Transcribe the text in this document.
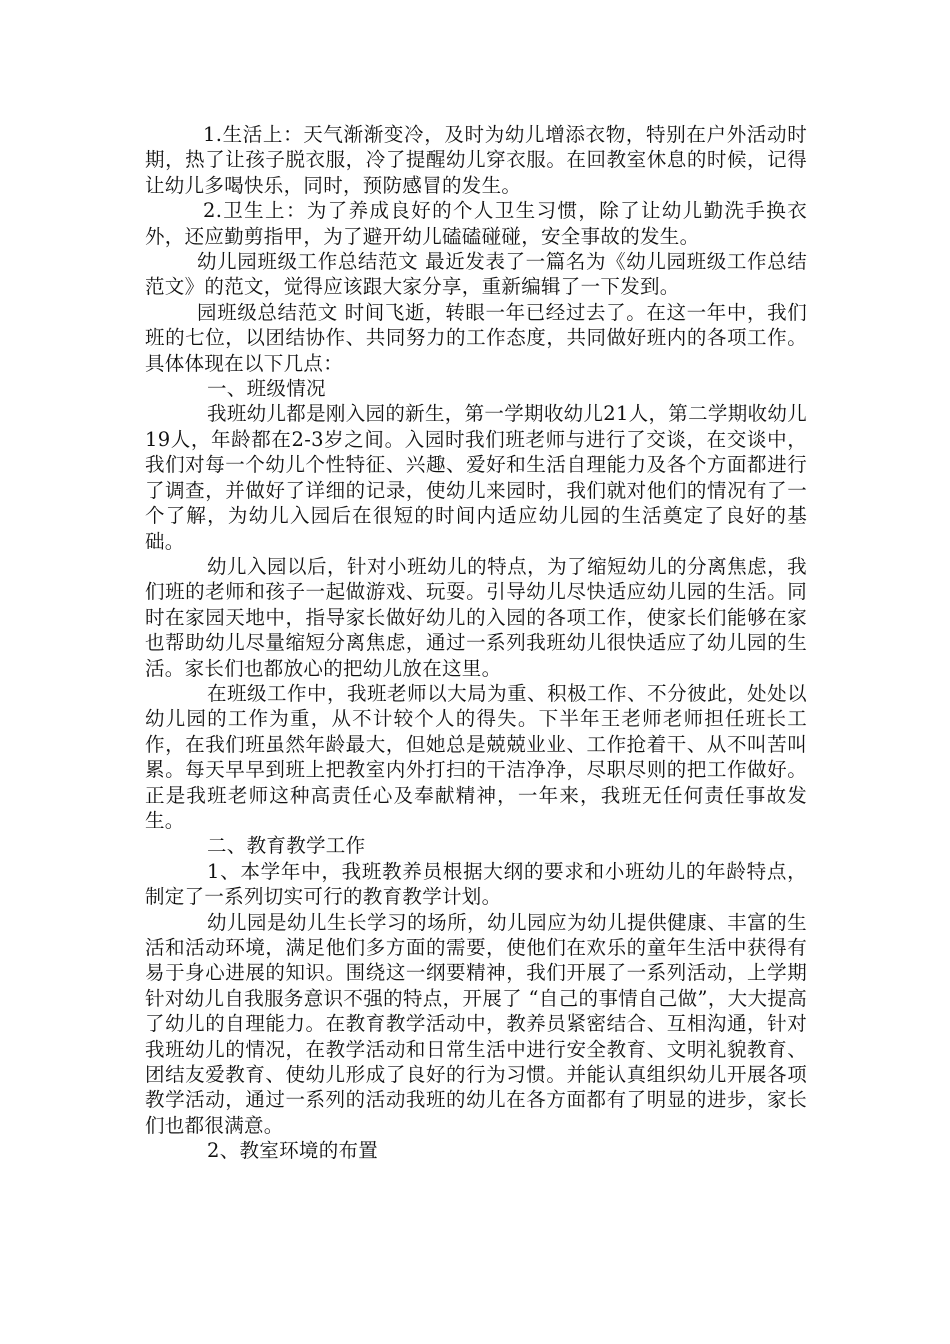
1.生活上：天气渐渐变冷，及时为幼儿增添衣物，特别在户外活动时期，热了让孩子脱衣服，冷了提醒幼儿穿衣服。在回教室休息的时候，记得让幼儿多喝快乐，同时，预防感冒的发生。

2.卫生上：为了养成良好的个人卫生习惯，除了让幼儿勤洗手换衣外，还应勤剪指甲，为了避开幼儿磕磕碰碰，安全事故的发生。

幼儿园班级工作总结范文 最近发表了一篇名为《幼儿园班级工作总结范文》的范文，觉得应该跟大家分享，重新编辑了一下发到。

园班级总结范文 时间飞逝，转眼一年已经过去了。在这一年中，我们班的七位，以团结协作、共同努力的工作态度，共同做好班内的各项工作。具体体现在以下几点：

一、班级情况

我班幼儿都是刚入园的新生，第一学期收幼儿21人，第二学期收幼儿19人，年龄都在2-3岁之间。入园时我们班老师与进行了交谈，在交谈中，我们对每一个幼儿个性特征、兴趣、爱好和生活自理能力及各个方面都进行了调查，并做好了详细的记录，使幼儿来园时，我们就对他们的情况有了一个了解，为幼儿入园后在很短的时间内适应幼儿园的生活奠定了良好的基础。

幼儿入园以后，针对小班幼儿的特点，为了缩短幼儿的分离焦虑，我们班的老师和孩子一起做游戏、玩耍。引导幼儿尽快适应幼儿园的生活。同时在家园天地中，指导家长做好幼儿的入园的各项工作，使家长们能够在家也帮助幼儿尽量缩短分离焦虑，通过一系列我班幼儿很快适应了幼儿园的生活。家长们也都放心的把幼儿放在这里。

在班级工作中，我班老师以大局为重、积极工作、不分彼此，处处以幼儿园的工作为重，从不计较个人的得失。下半年王老师老师担任班长工作，在我们班虽然年龄最大，但她总是兢兢业业、工作抢着干、从不叫苦叫累。每天早早到班上把教室内外打扫的干洁净净，尽职尽则的把工作做好。正是我班老师这种高责任心及奉献精神，一年来，我班无任何责任事故发生。

二、教育教学工作

1、本学年中，我班教养员根据大纲的要求和小班幼儿的年龄特点，制定了一系列切实可行的教育教学计划。

幼儿园是幼儿生长学习的场所，幼儿园应为幼儿提供健康、丰富的生活和活动环境，满足他们多方面的需要，使他们在欢乐的童年生活中获得有易于身心进展的知识。围绕这一纲要精神，我们开展了一系列活动，上学期针对幼儿自我服务意识不强的特点，开展了 “自己的事情自己做”，大大提高了幼儿的自理能力。在教育教学活动中，教养员紧密结合、互相沟通，针对我班幼儿的情况，在教学活动和日常生活中进行安全教育、文明礼貌教育、团结友爱教育、使幼儿形成了良好的行为习惯。并能认真组织幼儿开展各项教学活动，通过一系列的活动我班的幼儿在各方面都有了明显的进步，家长们也都很满意。

2、教室环境的布置
